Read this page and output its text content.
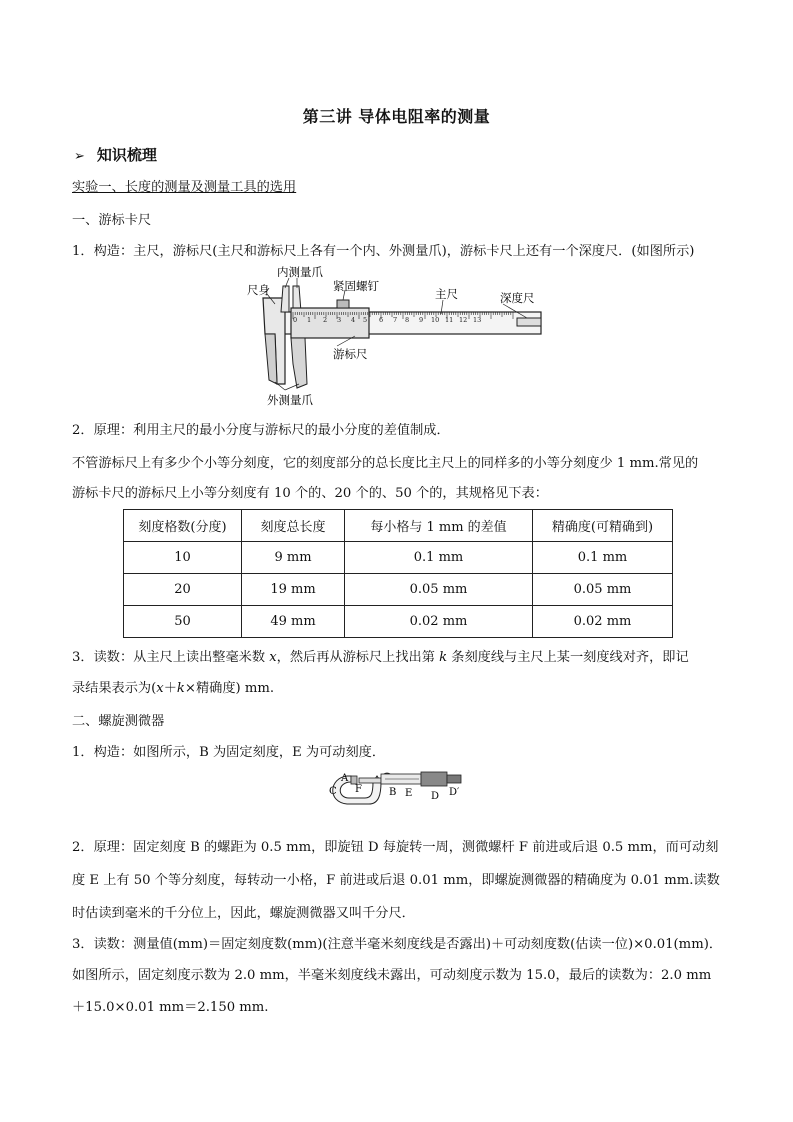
第三讲 导体电阻率的测量
➢ 知识梳理
实验一、长度的测量及测量工具的选用
一、游标卡尺
1．构造：主尺，游标尺(主尺和游标尺上各有一个内、外测量爪)，游标卡尺上还有一个深度尺．(如图所示)
0 1 2 3 4 5 6 7 8 9 10 11 12 13
内测量爪
尺身	紧固螺钉
主尺	深度尺
游标尺
外测量爪
2．原理：利用主尺的最小分度与游标尺的最小分度的差值制成．
不管游标尺上有多少个小等分刻度，它的刻度部分的总长度比主尺上的同样多的小等分刻度少 1 mm.常见的
游标卡尺的游标尺上小等分刻度有 10 个的、20 个的、50 个的，其规格见下表：
刻度格数(分度)	刻度总长度	每小格与 1 mm 的差值	精确度(可精确到)
10	9 mm	0.1 mm	0.1 mm
20	19 mm	0.05 mm	0.05 mm
50	49 mm	0.02 mm	0.02 mm
3．读数：从主尺上读出整毫米数 x，然后再从游标尺上找出第 k 条刻度线与主尺上某一刻度线对齐，即记
录结果表示为(x＋k×精确度) mm.
二、螺旋测微器
1．构造：如图所示，B 为固定刻度，E 为可动刻度．
A
F
C	B E D D′
2．原理：固定刻度 B 的螺距为 0.5 mm，即旋钮 D 每旋转一周，测微螺杆 F 前进或后退 0.5 mm，而可动刻
度 E 上有 50 个等分刻度，每转动一小格，F 前进或后退 0.01 mm，即螺旋测微器的精确度为 0.01 mm.读数
时估读到毫米的千分位上，因此，螺旋测微器又叫千分尺．
3．读数：测量值(mm)＝固定刻度数(mm)(注意半毫米刻度线是否露出)＋可动刻度数(估读一位)×0.01(mm)．
如图所示，固定刻度示数为 2.0 mm，半毫米刻度线未露出，可动刻度示数为 15.0，最后的读数为：2.0 mm
＋15.0×0.01 mm＝2.150 mm.
